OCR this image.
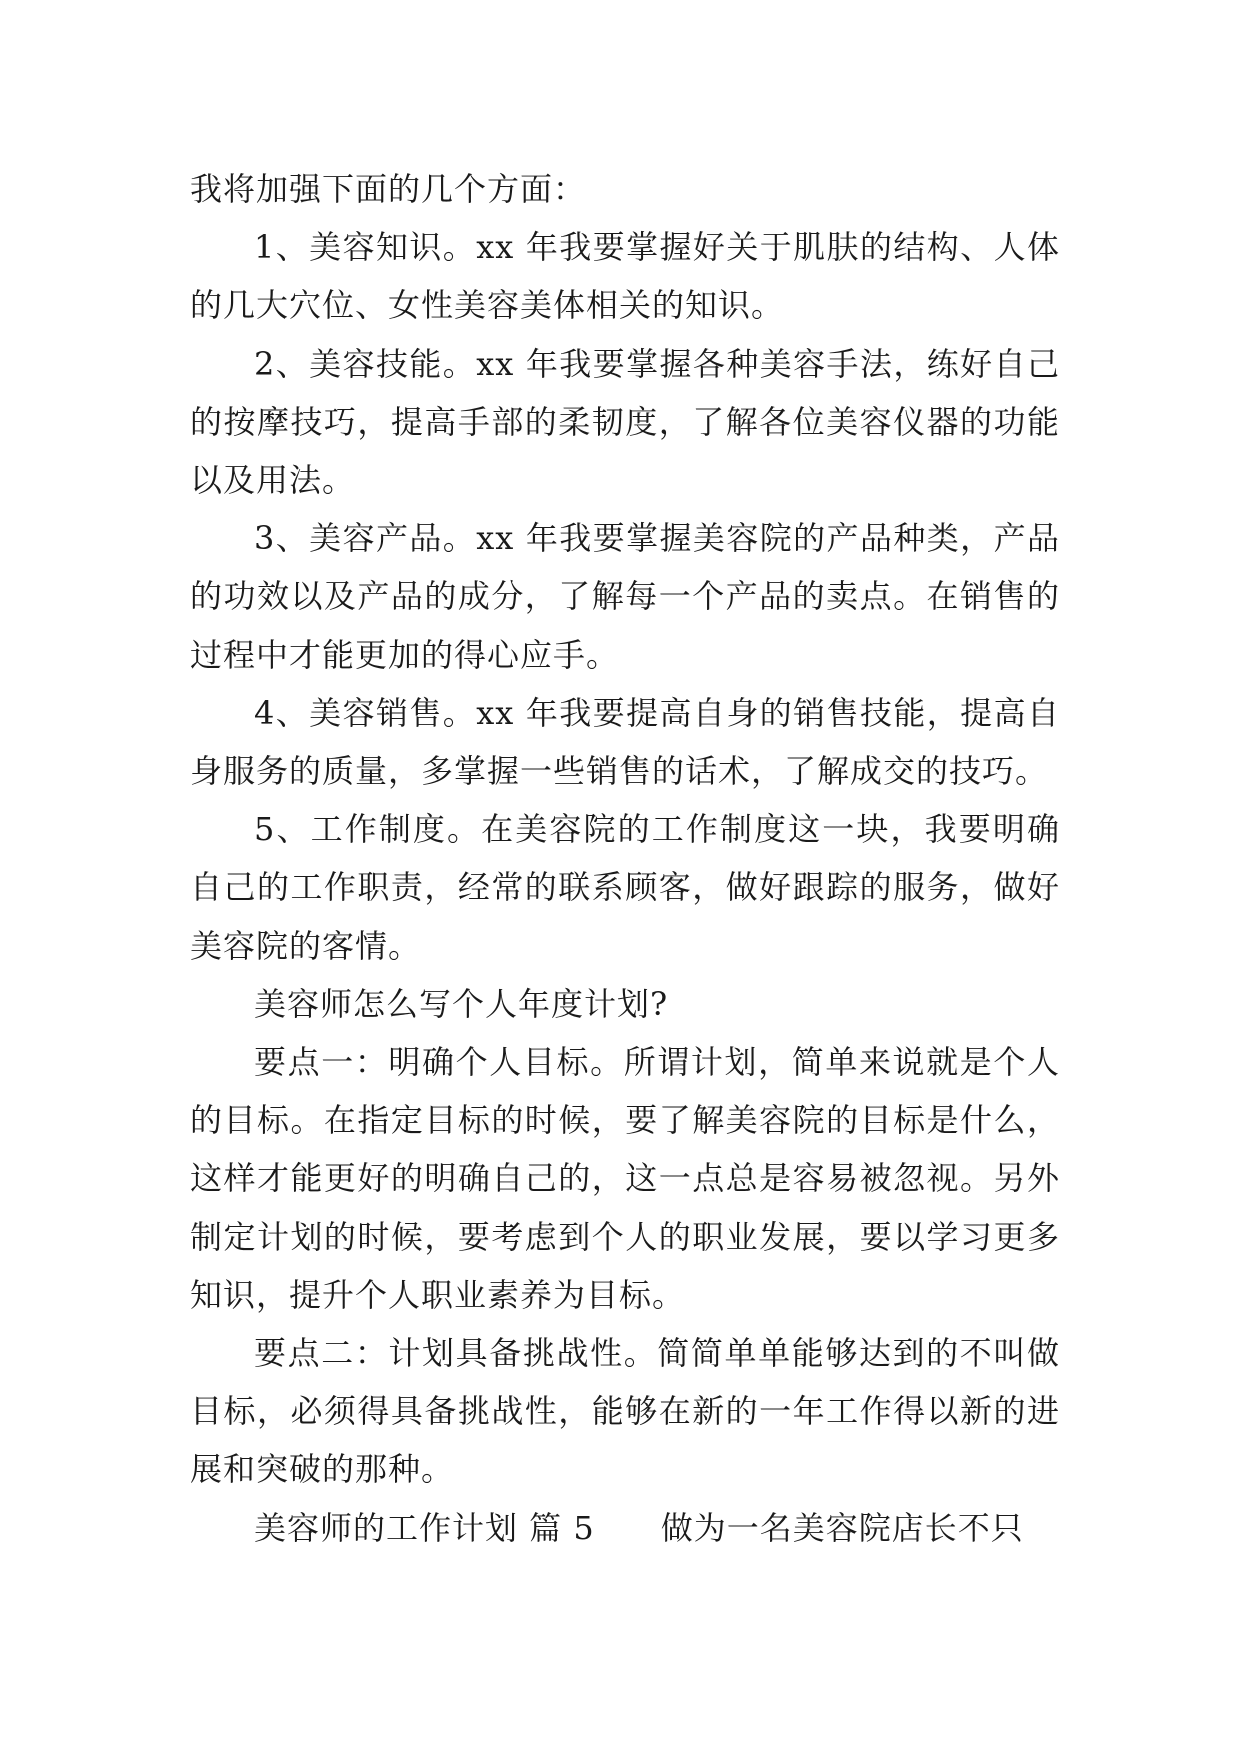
我将加强下面的几个方面：

1、美容知识。xx 年我要掌握好关于肌肤的结构、人体的几大穴位、女性美容美体相关的知识。

2、美容技能。xx 年我要掌握各种美容手法，练好自己的按摩技巧，提高手部的柔韧度，了解各位美容仪器的功能以及用法。

3、美容产品。xx 年我要掌握美容院的产品种类，产品的功效以及产品的成分，了解每一个产品的卖点。在销售的过程中才能更加的得心应手。

4、美容销售。xx 年我要提高自身的销售技能，提高自身服务的质量，多掌握一些销售的话术，了解成交的技巧。

5、工作制度。在美容院的工作制度这一块，我要明确自己的工作职责，经常的联系顾客，做好跟踪的服务，做好美容院的客情。

美容师怎么写个人年度计划?

要点一：明确个人目标。所谓计划，简单来说就是个人的目标。在指定目标的时候，要了解美容院的目标是什么，这样才能更好的明确自己的，这一点总是容易被忽视。另外制定计划的时候，要考虑到个人的职业发展，要以学习更多知识，提升个人职业素养为目标。

要点二：计划具备挑战性。简简单单能够达到的不叫做目标，必须得具备挑战性，能够在新的一年工作得以新的进展和突破的那种。

美容师的工作计划 篇 5 做为一名美容院店长不只
